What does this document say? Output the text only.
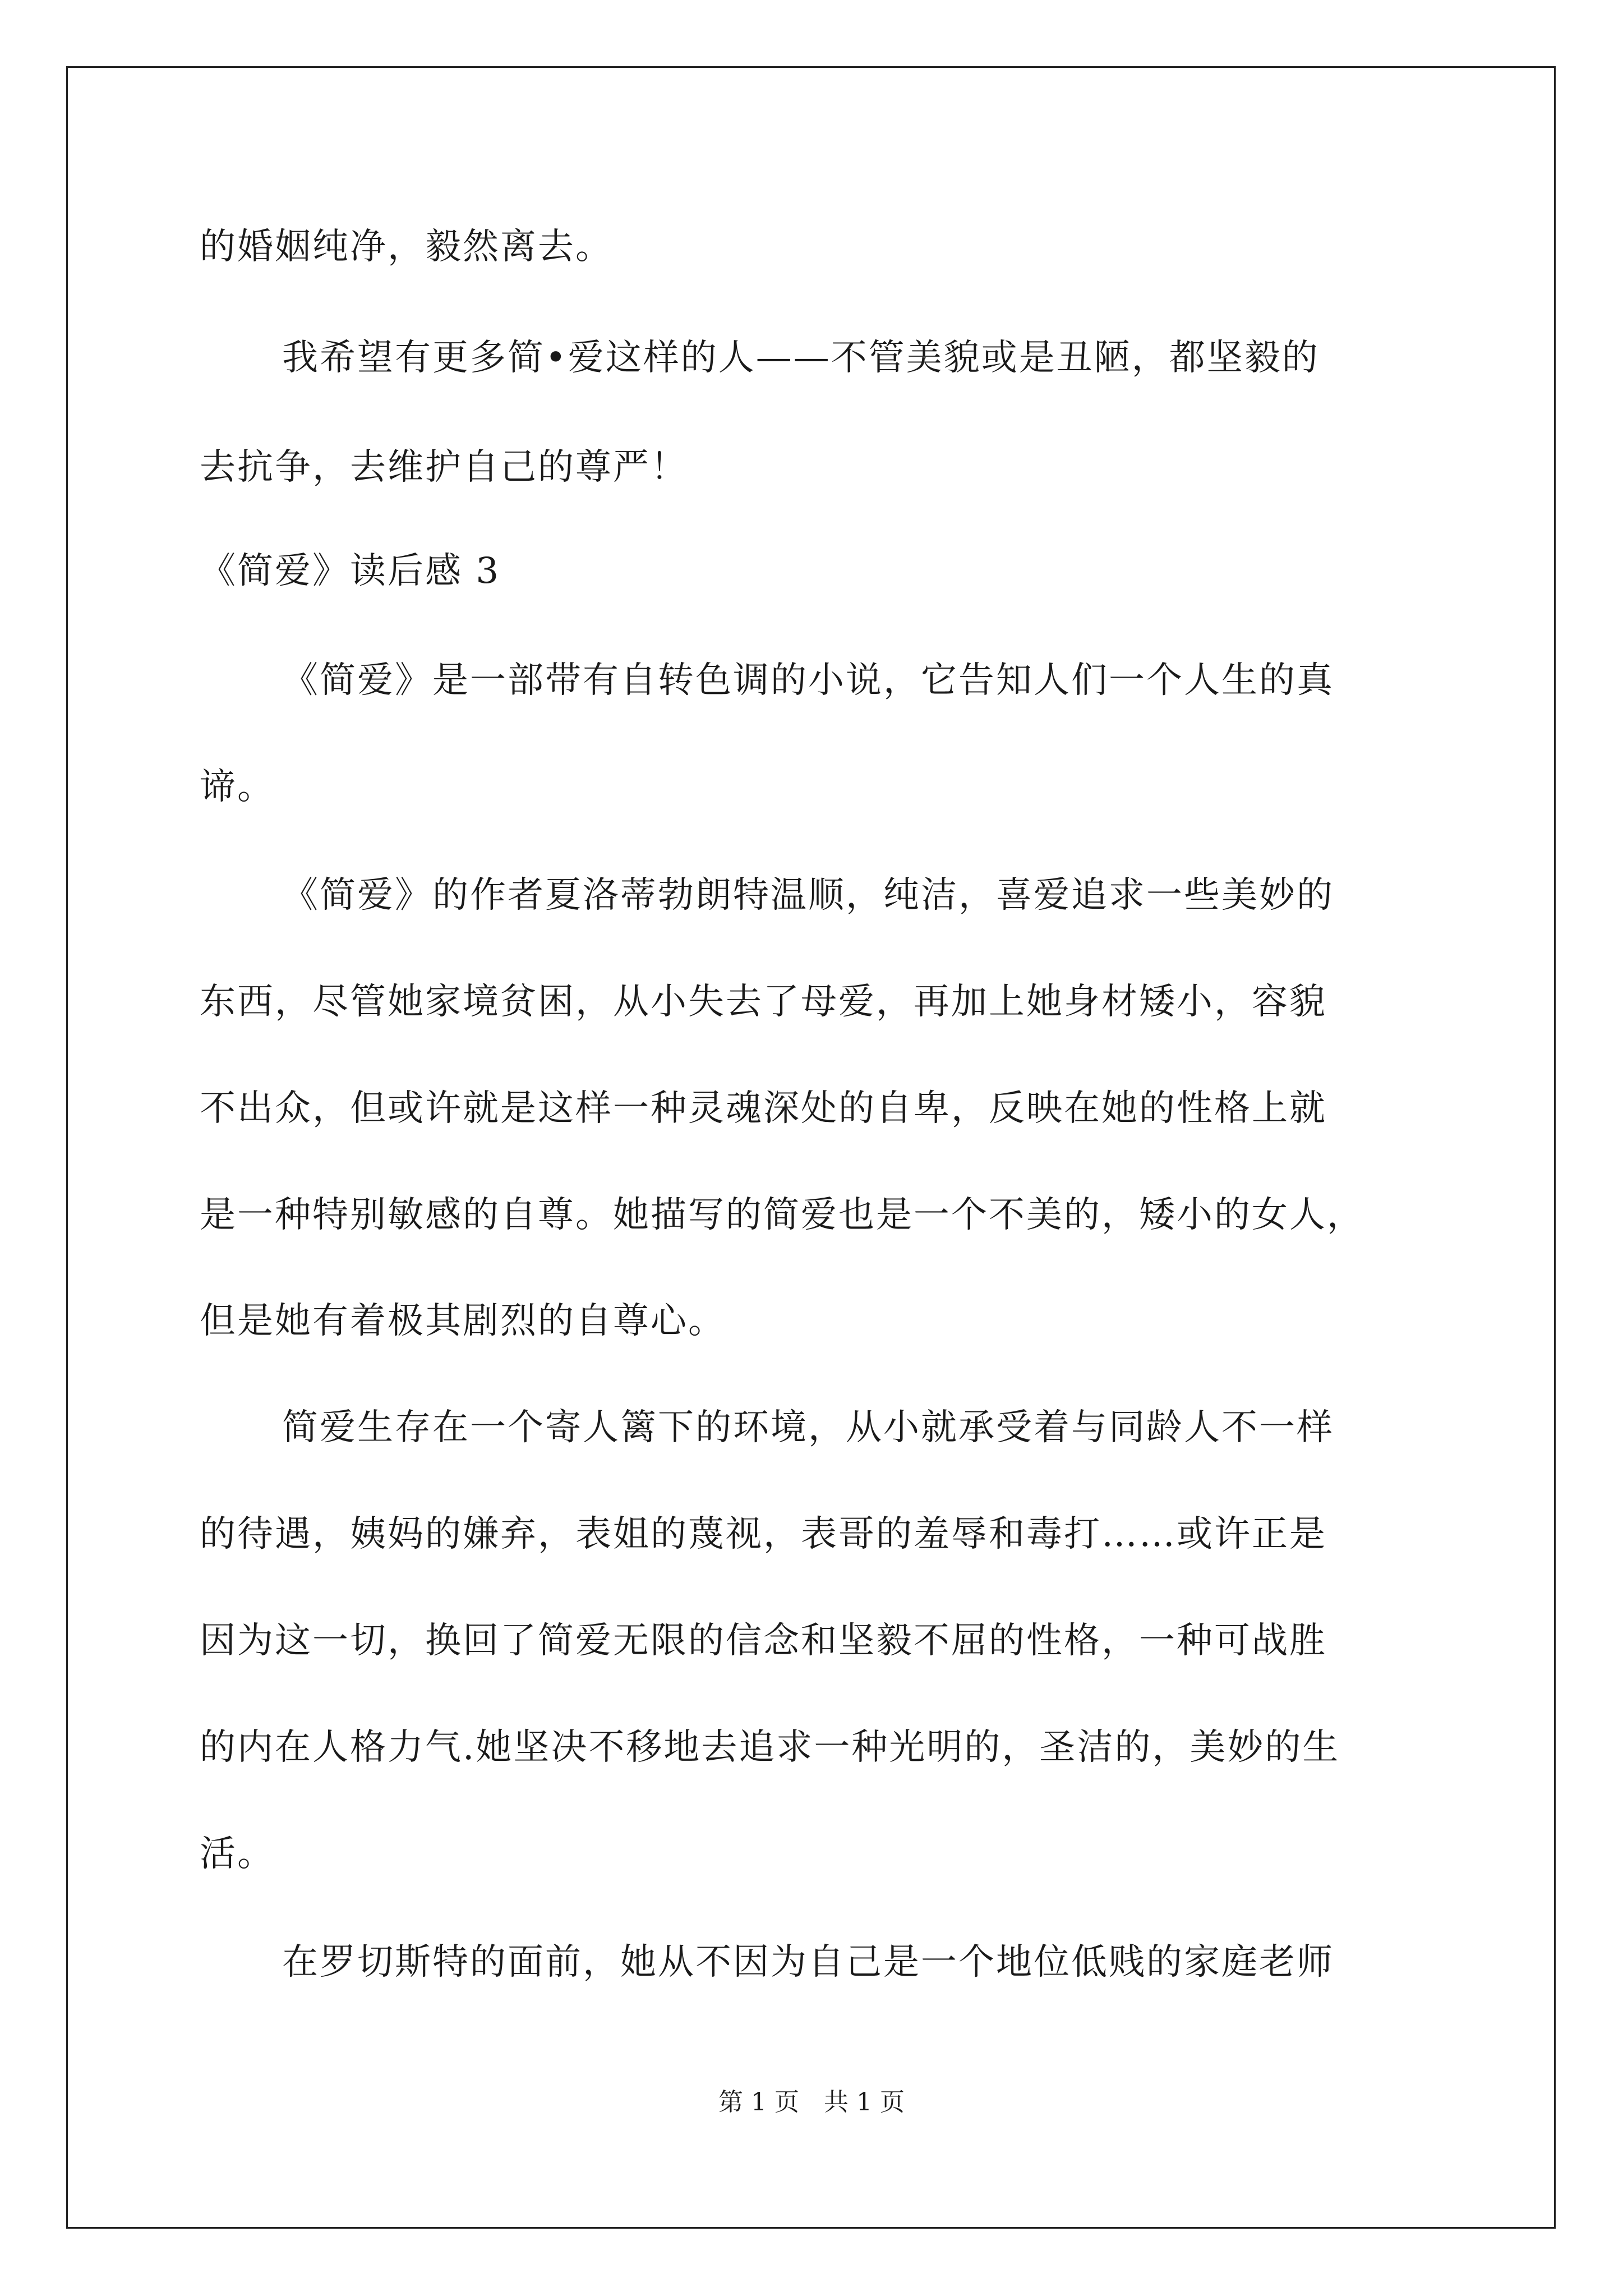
的婚姻纯净，毅然离去。
我希望有更多简•爱这样的人——不管美貌或是丑陋，都坚毅的
去抗争，去维护自己的尊严！
《简爱》读后感 3
《简爱》是一部带有自转色调的小说，它告知人们一个人生的真
谛。
《简爱》的作者夏洛蒂勃朗特温顺，纯洁，喜爱追求一些美妙的
东西，尽管她家境贫困，从小失去了母爱，再加上她身材矮小，容貌
不出众，但或许就是这样一种灵魂深处的自卑，反映在她的性格上就
是一种特别敏感的自尊。她描写的简爱也是一个不美的，矮小的女人，
但是她有着极其剧烈的自尊心。
简爱生存在一个寄人篱下的环境，从小就承受着与同龄人不一样
的待遇，姨妈的嫌弃，表姐的蔑视，表哥的羞辱和毒打……或许正是
因为这一切，换回了简爱无限的信念和坚毅不屈的性格，一种可战胜
的内在人格力气.她坚决不移地去追求一种光明的，圣洁的，美妙的生
活。
在罗切斯特的面前，她从不因为自己是一个地位低贱的家庭老师
第 1 页　共 1 页
